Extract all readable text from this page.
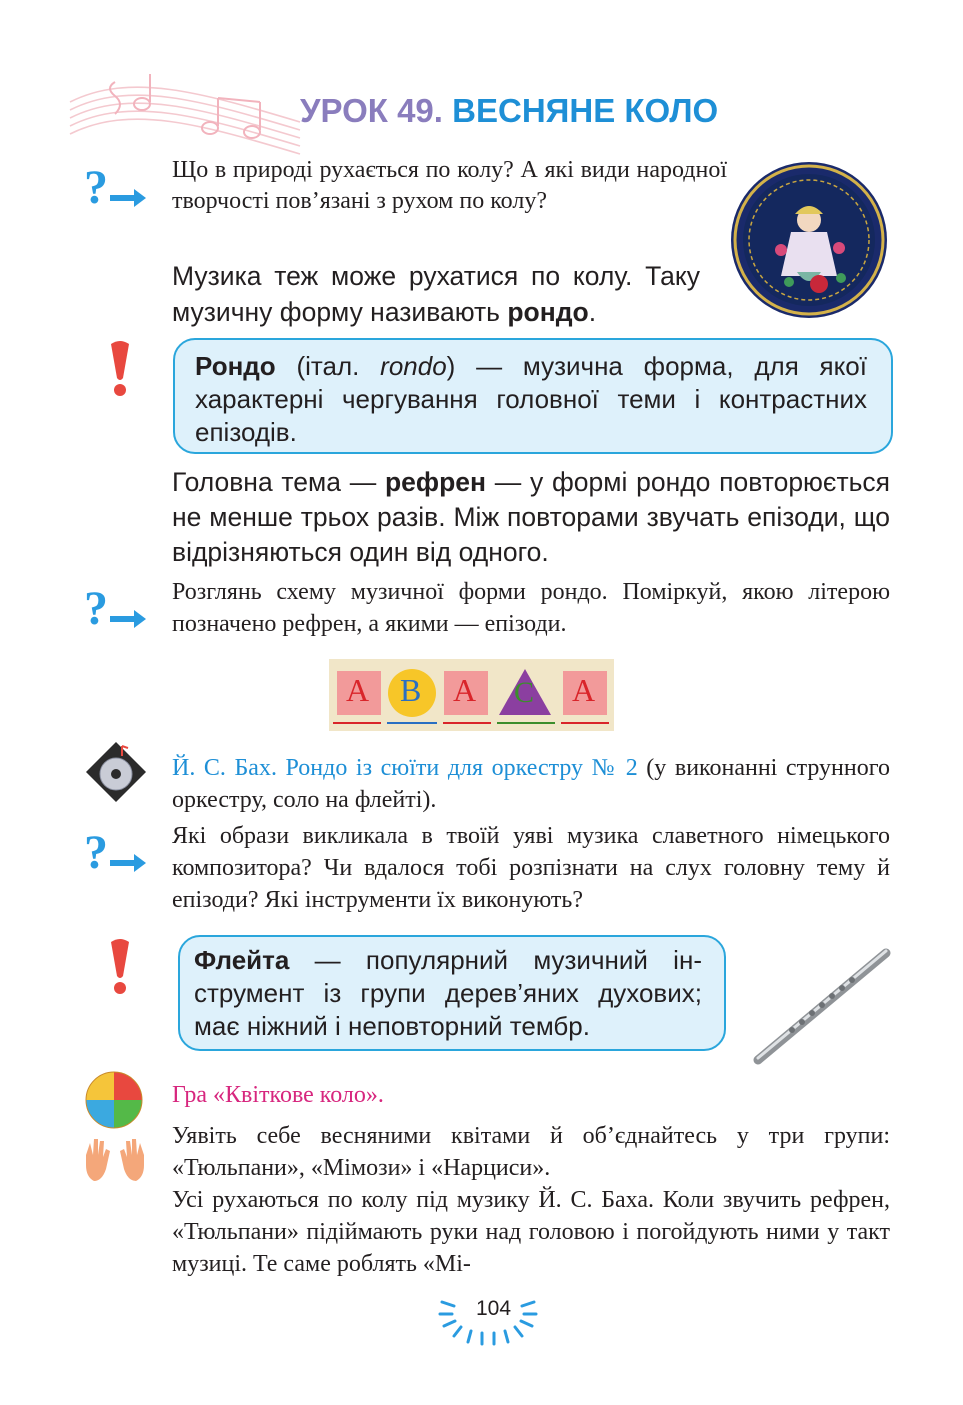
УРОК 49. ВЕСНЯНЕ КОЛО
?	Що в природі рухається по колу? А які види народної творчості пов’язані з рухом по колу?
Музика теж може рухатися по колу. Таку музичну форму називають рондо.
Рондо (італ. rondo) — музична форма, для якої характерні чергування головної теми і контрастних епізодів.
Головна тема — рефрен — у формі рондо повторюється не менше трьох разів. Між повторами звучать епізоди, що відрізняються один від одного.
?	Розглянь схему музичної форми рондо. Поміркуй, якою літерою позначено рефрен, а якими — епізоди.
А В А С А
Й. С. Бах. Рондо із сюїти для оркестру № 2 (у виконанні струнного оркестру, соло на флейті).
?	Які образи викликала в твоїй уяві музика славетного німецького композитора? Чи вдалося тобі розпізнати на слух головну тему й епізоди? Які інструменти їх виконують?
Флейта — популярний музичний інструмент із групи дерев’яних духових; має ніжний і неповторний тембр.
Гра «Квіткове коло».
Уявіть себе весняними квітами й об’єднайтесь у три групи: «Тюльпани», «Мімози» і «Нарциси».
Усі рухаються по колу під музику Й. С. Баха. Коли звучить рефрен, «Тюльпани» підіймають руки над головою і погойдують ними у такт музиці. Те саме роблять «Мі-
104
